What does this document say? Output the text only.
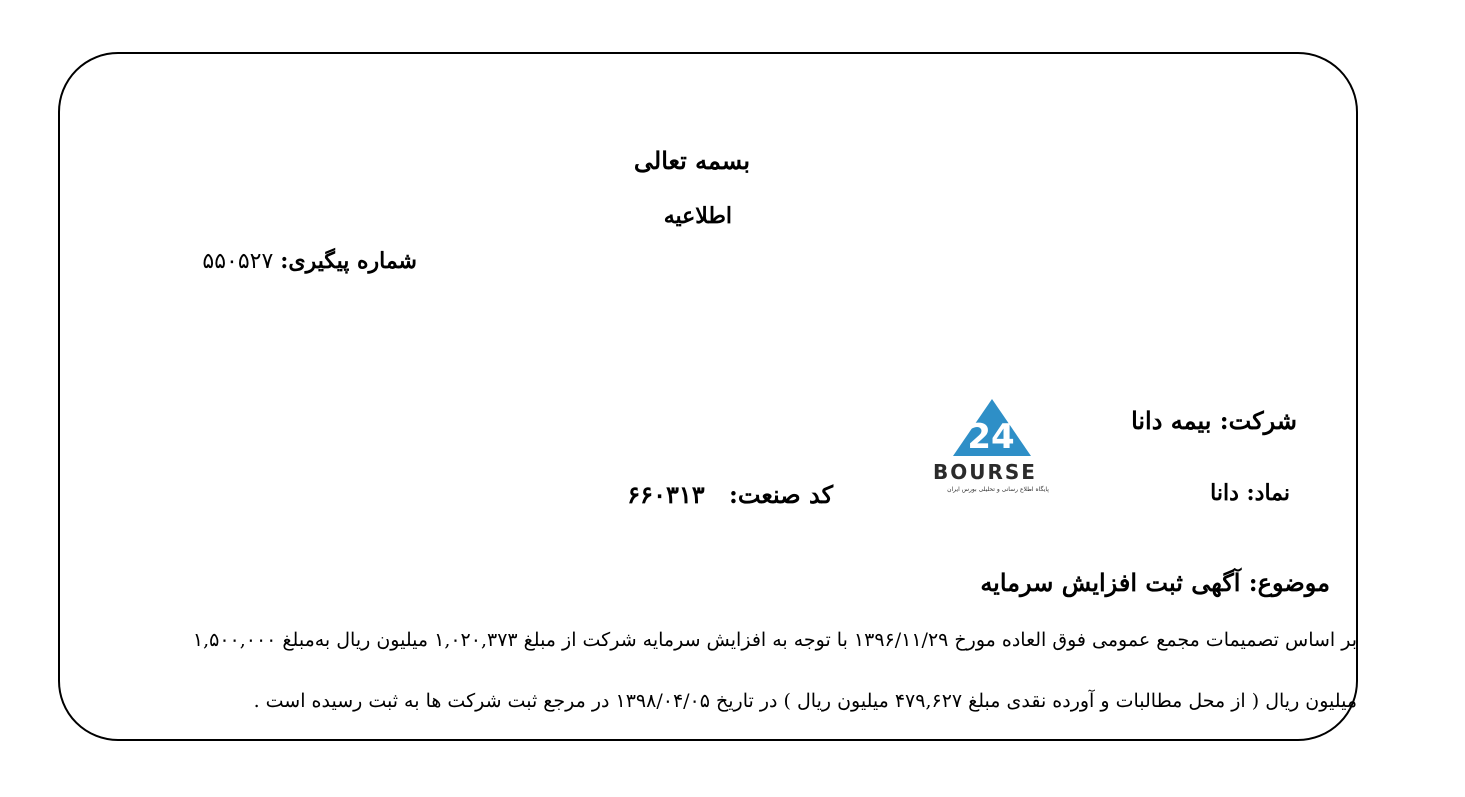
بسمه تعالی
اطلاعیه
شماره پیگیری: ۵۵۰۵۲۷
شرکت: بیمه دانا
نماد: دانا
کد صنعت: ۶۶۰۳۱۳
24
BOURSE
پایگاه اطلاع رسانی و تحلیلی بورس ایران
موضوع: آگهی ثبت افزایش سرمایه
بر اساس تصمیمات مجمع عمومی فوق العاده مورخ ۱۳۹۶/۱۱/۲۹ با توجه به افزایش سرمایه شرکت از مبلغ ۱,۰۲۰,۳۷۳ میلیون ریال به‌مبلغ ۱,۵۰۰,۰۰۰
میلیون ریال ( از محل مطالبات و آورده نقدی مبلغ ۴۷۹,۶۲۷ میلیون ریال ) در تاریخ ۱۳۹۸/۰۴/۰۵ در مرجع ثبت شرکت ها به ثبت رسیده است .
